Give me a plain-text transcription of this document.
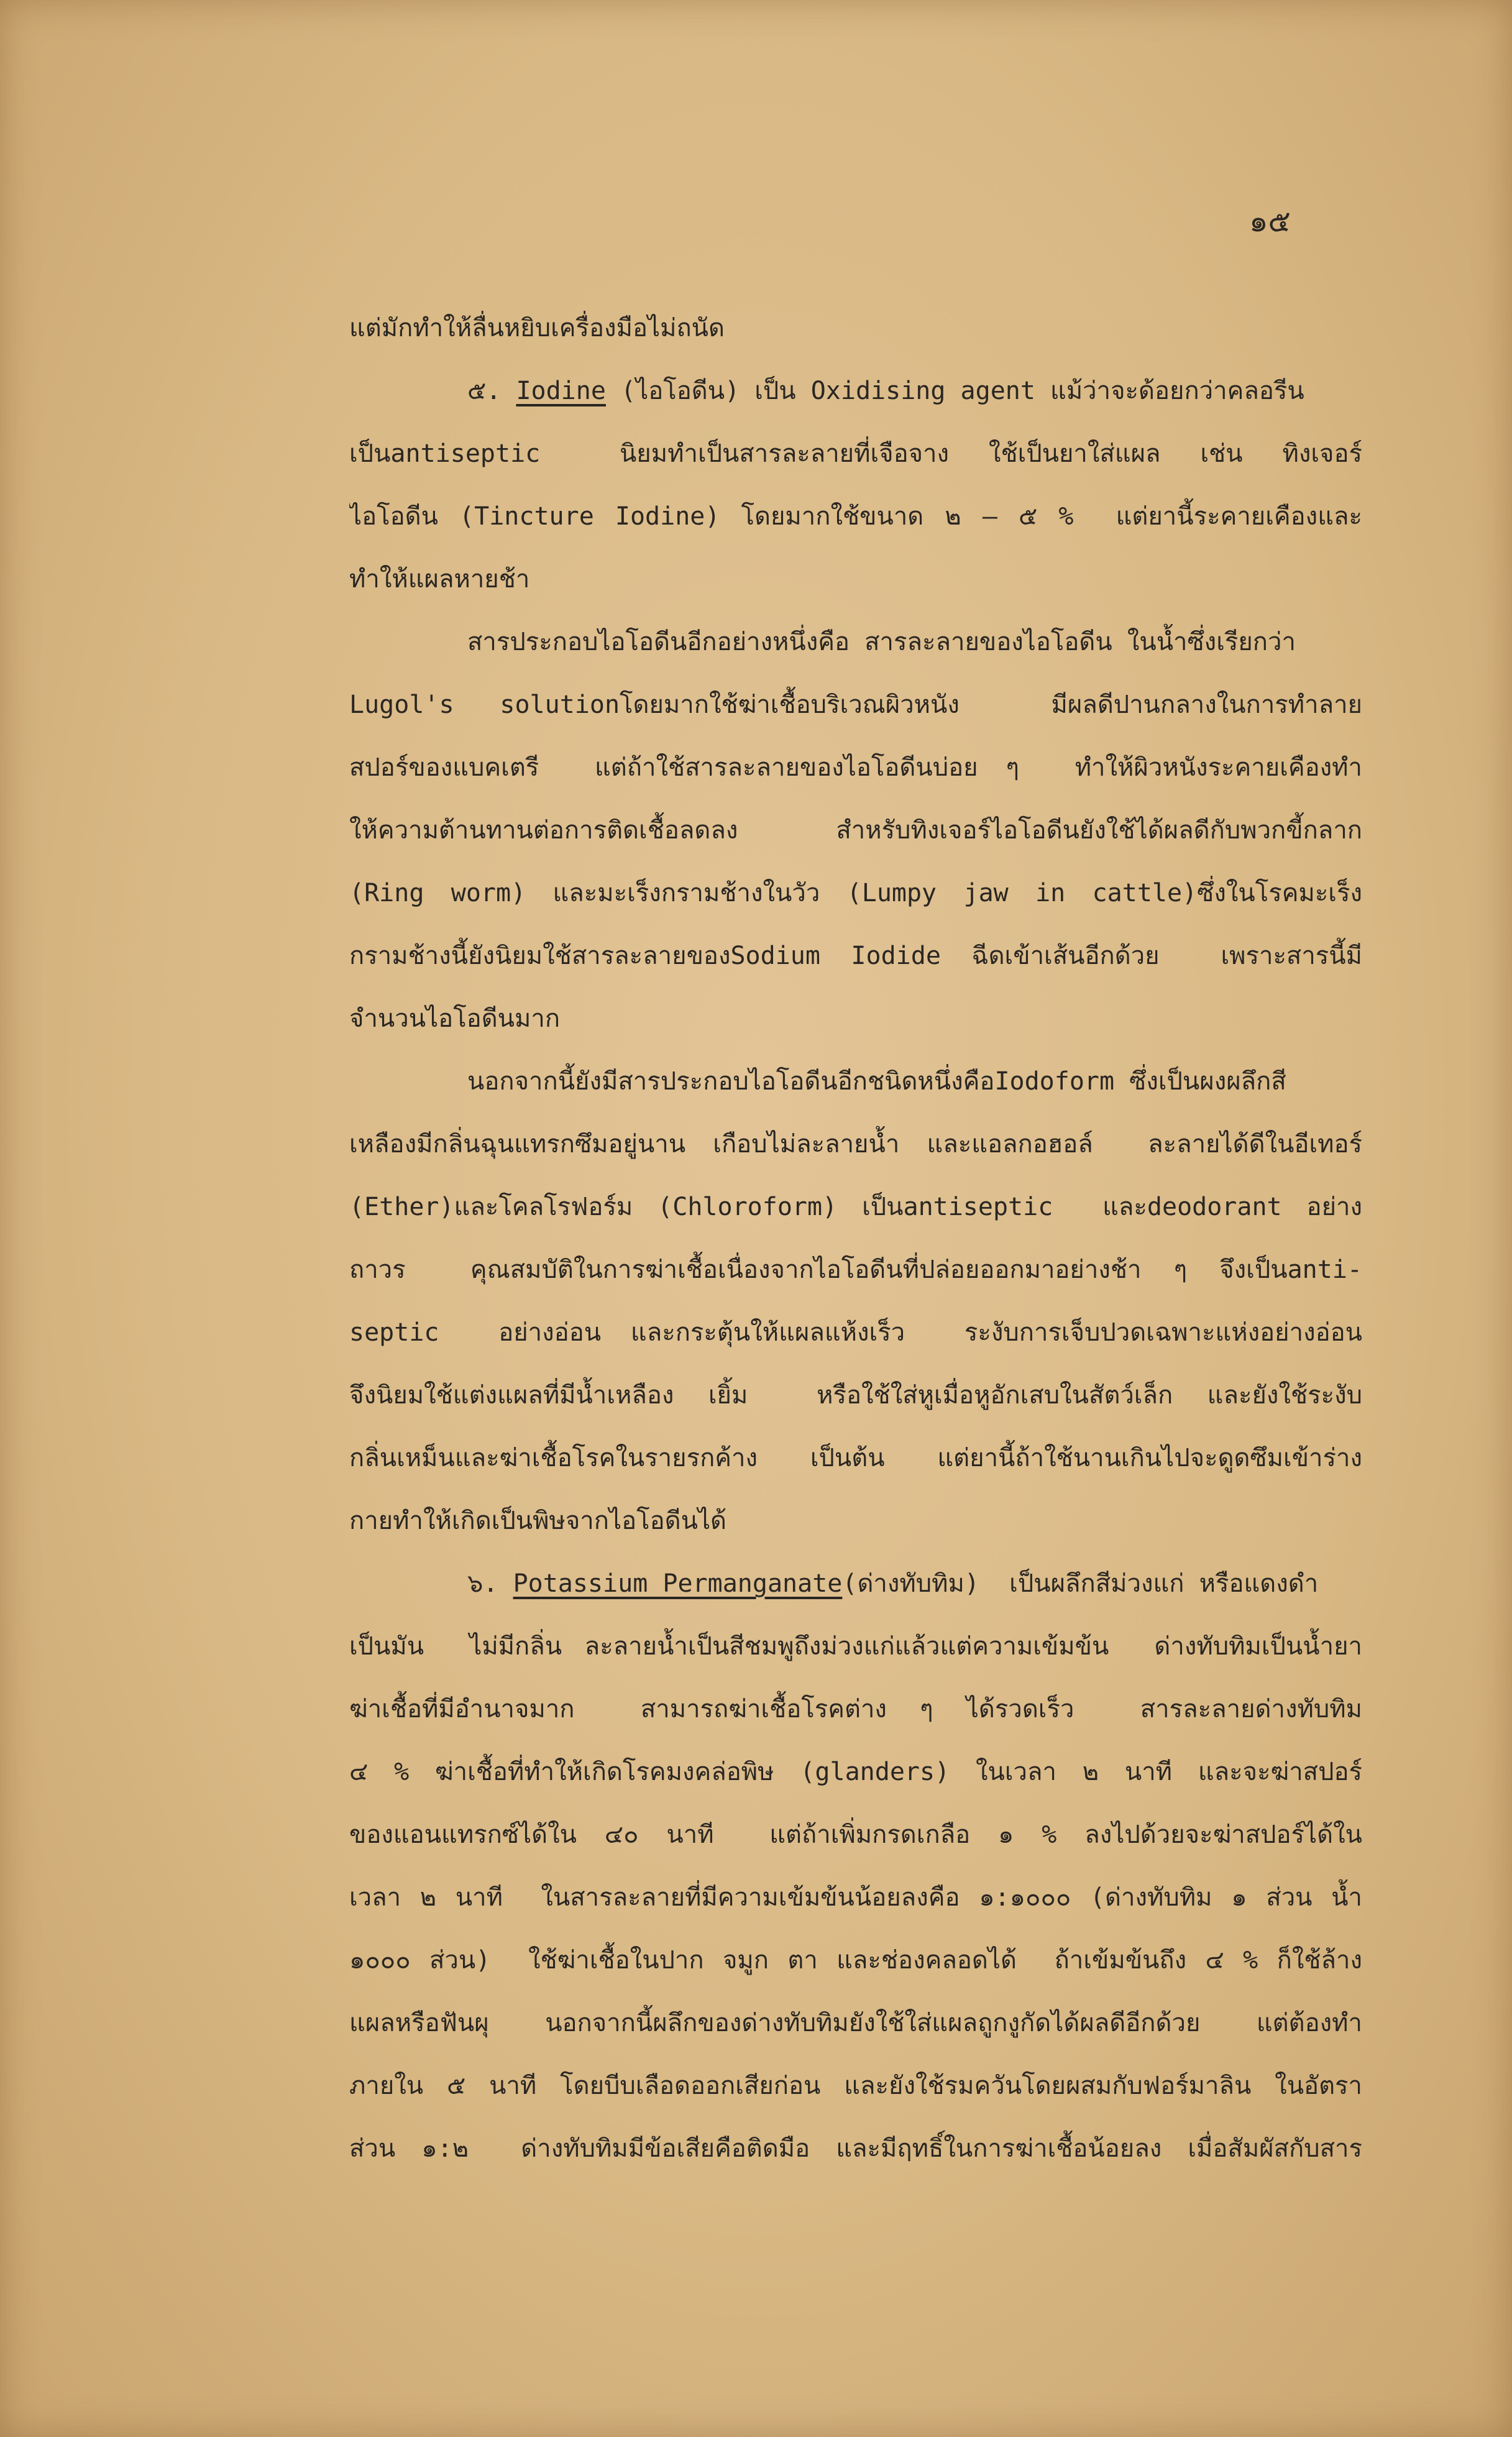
๑๕
แต่มักทำให้ลื่นหยิบเครื่องมือไม่ถนัด
๕. Iodine (ไอโอดีน) เป็น Oxidising agent แม้ว่าจะด้อยกว่าคลอรีน
เป็นantiseptic  นิยมทำเป็นสารละลายที่เจือจาง ใช้เป็นยาใส่แผล เช่น ทิงเจอร์
ไอโอดีน (Tincture Iodine) โดยมากใช้ขนาด ๒ – ๕ %  แต่ยานี้ระคายเคืองและ
ทำให้แผลหายช้า
สารประกอบไอโอดีนอีกอย่างหนึ่งคือ สารละลายของไอโอดีน ในน้ำซึ่งเรียกว่า
Lugol's solutionโดยมากใช้ฆ่าเชื้อบริเวณผิวหนัง  มีผลดีปานกลางในการทำลาย
สปอร์ของแบคเตรี  แต่ถ้าใช้สารละลายของไอโอดีนบ่อย ๆ  ทำให้ผิวหนังระคายเคืองทำ
ให้ความต้านทานต่อการติดเชื้อลดลง  สำหรับทิงเจอร์ไอโอดีนยังใช้ได้ผลดีกับพวกขี้กลาก
(Ring worm) และมะเร็งกรามช้างในวัว (Lumpy jaw in cattle)ซึ่งในโรคมะเร็ง
กรามช้างนี้ยังนิยมใช้สารละลายของSodium Iodide ฉีดเข้าเส้นอีกด้วย  เพราะสารนี้มี
จำนวนไอโอดีนมาก
นอกจากนี้ยังมีสารประกอบไอโอดีนอีกชนิดหนึ่งคือIodoform ซึ่งเป็นผงผลึกสี
เหลืองมีกลิ่นฉุนแทรกซึมอยู่นาน เกือบไม่ละลายน้ำ และแอลกอฮอล์  ละลายได้ดีในอีเทอร์
(Ether)และโคลโรฟอร์ม (Chloroform) เป็นantiseptic  และdeodorant อย่าง
ถาวร  คุณสมบัติในการฆ่าเชื้อเนื่องจากไอโอดีนที่ปล่อยออกมาอย่างช้า ๆ จึงเป็นanti-
septic  อย่างอ่อน และกระตุ้นให้แผลแห้งเร็ว  ระงับการเจ็บปวดเฉพาะแห่งอย่างอ่อน
จึงนิยมใช้แต่งแผลที่มีน้ำเหลือง เยิ้ม  หรือใช้ใส่หูเมื่อหูอักเสบในสัตว์เล็ก และยังใช้ระงับ
กลิ่นเหม็นและฆ่าเชื้อโรคในรายรกค้าง  เป็นต้น  แต่ยานี้ถ้าใช้นานเกินไปจะดูดซึมเข้าร่าง
กายทำให้เกิดเป็นพิษจากไอโอดีนได้
๖. Potassium Permanganate(ด่างทับทิม)  เป็นผลึกสีม่วงแก่ หรือแดงดำ
เป็นมัน  ไม่มีกลิ่น ละลายน้ำเป็นสีชมพูถึงม่วงแก่แล้วแต่ความเข้มข้น  ด่างทับทิมเป็นน้ำยา
ฆ่าเชื้อที่มีอำนาจมาก  สามารถฆ่าเชื้อโรคต่าง ๆ ได้รวดเร็ว  สารละลายด่างทับทิม
๔ % ฆ่าเชื้อที่ทำให้เกิดโรคมงคล่อพิษ (glanders) ในเวลา ๒ นาที และจะฆ่าสปอร์
ของแอนแทรกซ์ได้ใน ๔๐ นาที  แต่ถ้าเพิ่มกรดเกลือ ๑ % ลงไปด้วยจะฆ่าสปอร์ได้ใน
เวลา ๒ นาที  ในสารละลายที่มีความเข้มข้นน้อยลงคือ ๑:๑๐๐๐ (ด่างทับทิม ๑ ส่วน น้ำ
๑๐๐๐ ส่วน)  ใช้ฆ่าเชื้อในปาก จมูก ตา และช่องคลอดได้  ถ้าเข้มข้นถึง ๔ % ก็ใช้ล้าง
แผลหรือฟันผุ  นอกจากนี้ผลึกของด่างทับทิมยังใช้ใส่แผลถูกงูกัดได้ผลดีอีกด้วย  แต่ต้องทำ
ภายใน ๕ นาที โดยบีบเลือดออกเสียก่อน และยังใช้รมควันโดยผสมกับฟอร์มาลิน ในอัตรา
ส่วน ๑:๒  ด่างทับทิมมีข้อเสียคือติดมือ และมีฤทธิ์ในการฆ่าเชื้อน้อยลง เมื่อสัมผัสกับสาร
